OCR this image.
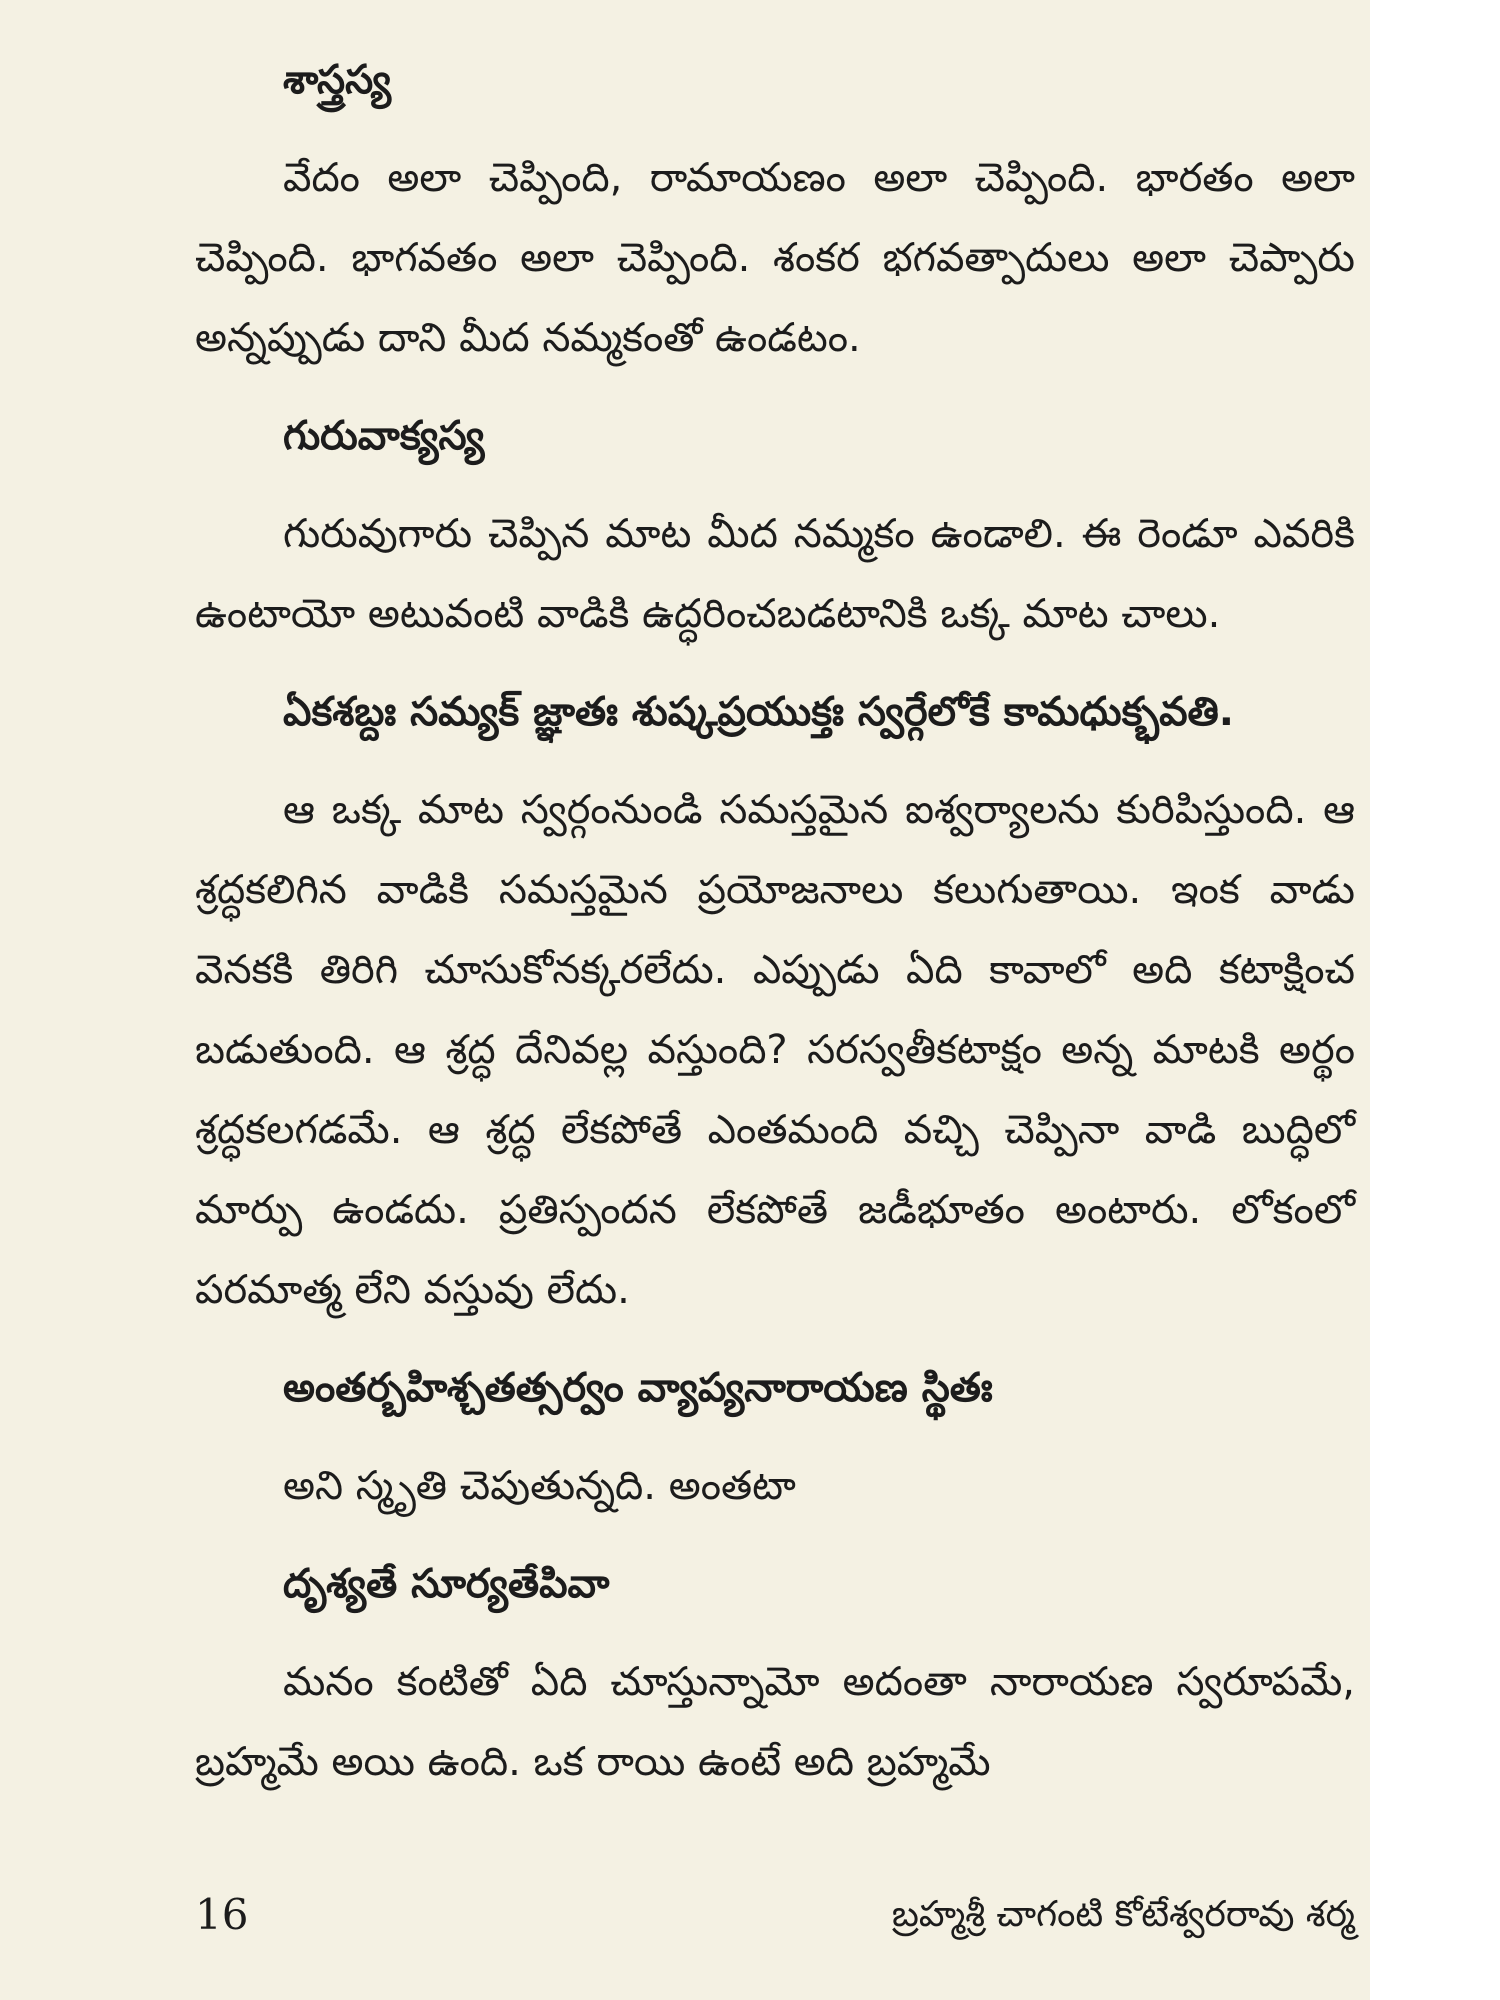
శాస్త్రస్య

వేదం అలా చెప్పింది, రామాయణం అలా చెప్పింది. భారతం అలా చెప్పింది. భాగవతం అలా చెప్పింది. శంకర భగవత్పాదులు అలా చెప్పారు అన్నప్పుడు దాని మీద నమ్మకంతో ఉండటం.

గురువాక్యస్య

గురువుగారు చెప్పిన మాట మీద నమ్మకం ఉండాలి. ఈ రెండూ ఎవరికి ఉంటాయో అటువంటి వాడికి ఉద్ధరించబడటానికి ఒక్క మాట చాలు.

ఏకశబ్దః సమ్యక్ జ్ఞాతః శుష్కప్రయుక్తః స్వర్గేలోకే కామధుక్భవతి.

ఆ ఒక్క మాట స్వర్గంనుండి సమస్తమైన ఐశ్వర్యాలను కురిపిస్తుంది. ఆ శ్రద్ధకలిగిన వాడికి సమస్తమైన ప్రయోజనాలు కలుగుతాయి. ఇంక వాడు వెనకకి తిరిగి చూసుకోనక్కరలేదు. ఎప్పుడు ఏది కావాలో అది కటాక్షించ బడుతుంది. ఆ శ్రద్ధ దేనివల్ల వస్తుంది? సరస్వతీకటాక్షం అన్న మాటకి అర్థం శ్రద్ధకలగడమే. ఆ శ్రద్ధ లేకపోతే ఎంతమంది వచ్చి చెప్పినా వాడి బుద్ధిలో మార్పు ఉండదు. ప్రతిస్పందన లేకపోతే జడీభూతం అంటారు. లోకంలో పరమాత్మ లేని వస్తువు లేదు.

అంతర్బహిశ్చతత్సర్వం వ్యాప్యనారాయణ స్థితః

అని స్మృతి చెపుతున్నది. అంతటా

దృశ్యతే సూర్యతేపివా

మనం కంటితో ఏది చూస్తున్నామో అదంతా నారాయణ స్వరూపమే, బ్రహ్మమే అయి ఉంది. ఒక రాయి ఉంటే అది బ్రహ్మమే

16	బ్రహ్మశ్రీ చాగంటి కోటేశ్వరరావు శర్మ
